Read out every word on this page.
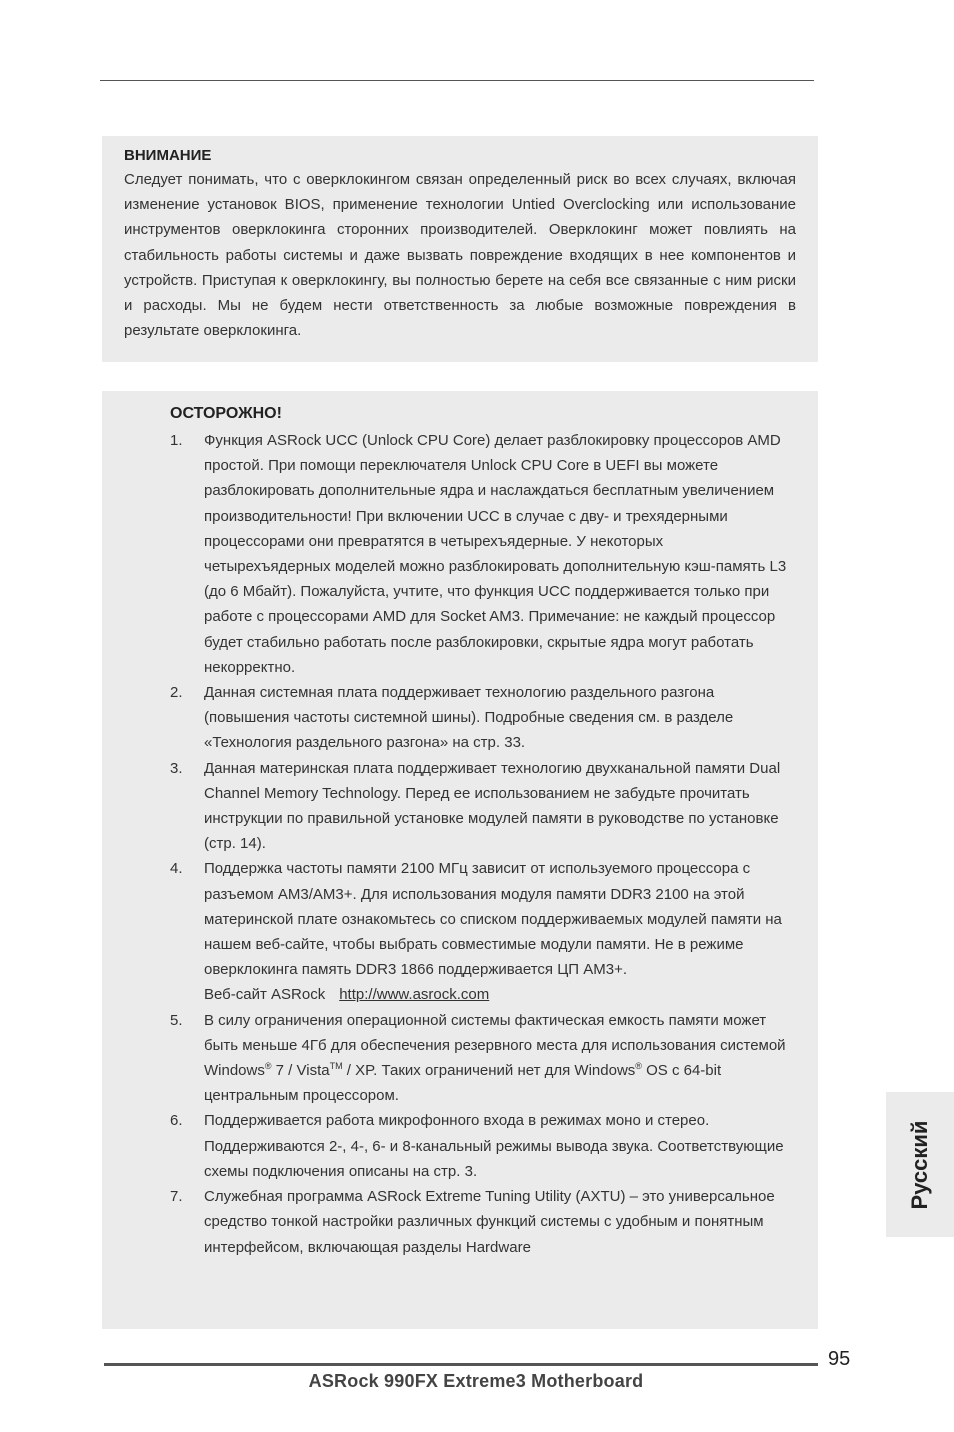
ВНИМАНИЕ
Следует понимать, что с оверклокингом связан определенный риск во всех случаях, включая изменение установок BIOS, применение технологии Untied Overclocking или использование инструментов оверклокинга сторонних производителей. Оверклокинг может повлиять на стабильность работы системы и даже вызвать повреждение входящих в нее компонентов и устройств. Приступая к оверклокингу, вы полностью берете на себя все связанные с ним риски и расходы. Мы не будем нести ответственность за любые возможные повреждения в результате оверклокинга.
ОСТОРОЖНО!
1. Функция ASRock UCC (Unlock CPU Core) делает разблокировку процессоров AMD простой. При помощи переключателя Unlock CPU Core в UEFI вы можете разблокировать дополнительные ядра и наслаждаться бесплатным увеличением производительности! При включении UCC в случае с дву- и трехядерными процессорами они превратятся в четырехъядерные. У некоторых четырехъядерных моделей можно разблокировать дополнительную кэш-память L3 (до 6 Мбайт). Пожалуйста, учтите, что функция UCC поддерживается только при работе с процессорами AMD для Socket AM3. Примечание: не каждый процессор будет стабильно работать после разблокировки, скрытые ядра могут работать некорректно.
2. Данная системная плата поддерживает технологию раздельного разгона (повышения частоты системной шины). Подробные сведения см. в разделе «Технология раздельного разгона» на стр. 33.
3. Данная материнская плата поддерживает технологию двухканальной памяти Dual Channel Memory Technology. Перед ее использованием не забудьте прочитать инструкции по правильной установке модулей памяти в руководстве по установке (стр. 14).
4. Поддержка частоты памяти 2100 МГц зависит от используемого процессора с разъемом AM3/AM3+. Для использования модуля памяти DDR3 2100 на этой материнской плате ознакомьтесь со списком поддерживаемых модулей памяти на нашем веб-сайте, чтобы выбрать совместимые модули памяти. Не в режиме оверклокинга память DDR3 1866 поддерживается ЦП AM3+.
Веб-сайт ASRock http://www.asrock.com
5. В силу ограничения операционной системы фактическая емкость памяти может быть меньше 4Гб для обеспечения резервного места для использования системой Windows® 7 / Vista™ / XP. Таких ограничений нет для Windows® OS с 64-bit центральным процессором.
6. Поддерживается работа микрофонного входа в режимах моно и стерео. Поддерживаются 2-, 4-, 6- и 8-канальный режимы вывода звука. Соответствующие схемы подключения описаны на стр. 3.
7. Служебная программа ASRock Extreme Tuning Utility (AXTU) – это универсальное средство тонкой настройки различных функций системы с удобным и понятным интерфейсом, включающая разделы Hardware
Русский
95
ASRock 990FX Extreme3 Motherboard
